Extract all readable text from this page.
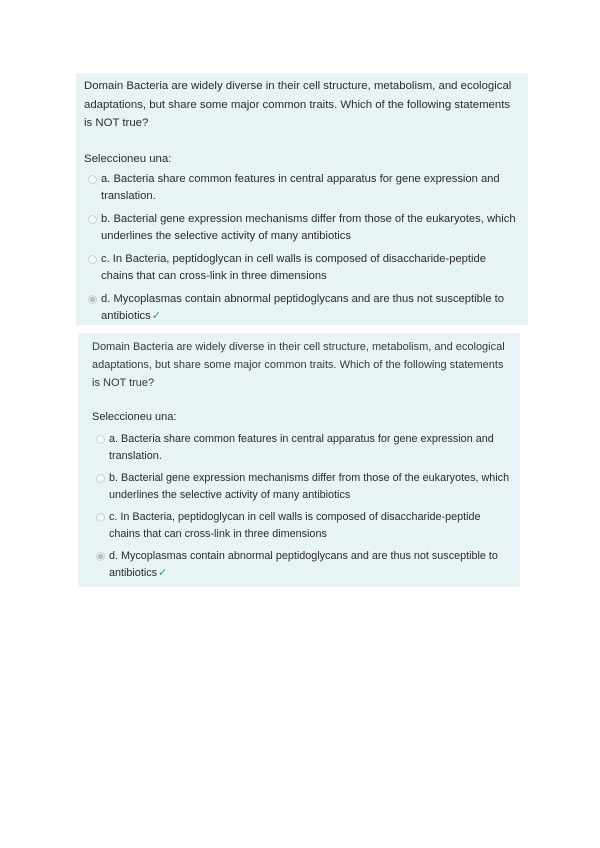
Domain Bacteria are widely diverse in their cell structure, metabolism, and ecological adaptations, but share some major common traits. Which of the following statements is NOT true?

Seleccioneu una:

a. Bacteria share common features in central apparatus for gene expression and translation.
b. Bacterial gene expression mechanisms differ from those of the eukaryotes, which underlines the selective activity of many antibiotics
c. In Bacteria, peptidoglycan in cell walls is composed of disaccharide-peptide chains that can cross-link in three dimensions
d. Mycoplasmas contain abnormal peptidoglycans and are thus not susceptible to antibiotics✓

Domain Bacteria are widely diverse in their cell structure, metabolism, and ecological adaptations, but share some major common traits. Which of the following statements is NOT true?

Seleccioneu una:

a. Bacteria share common features in central apparatus for gene expression and translation.
b. Bacterial gene expression mechanisms differ from those of the eukaryotes, which underlines the selective activity of many antibiotics
c. In Bacteria, peptidoglycan in cell walls is composed of disaccharide-peptide chains that can cross-link in three dimensions
d. Mycoplasmas contain abnormal peptidoglycans and are thus not susceptible to antibiotics✓
